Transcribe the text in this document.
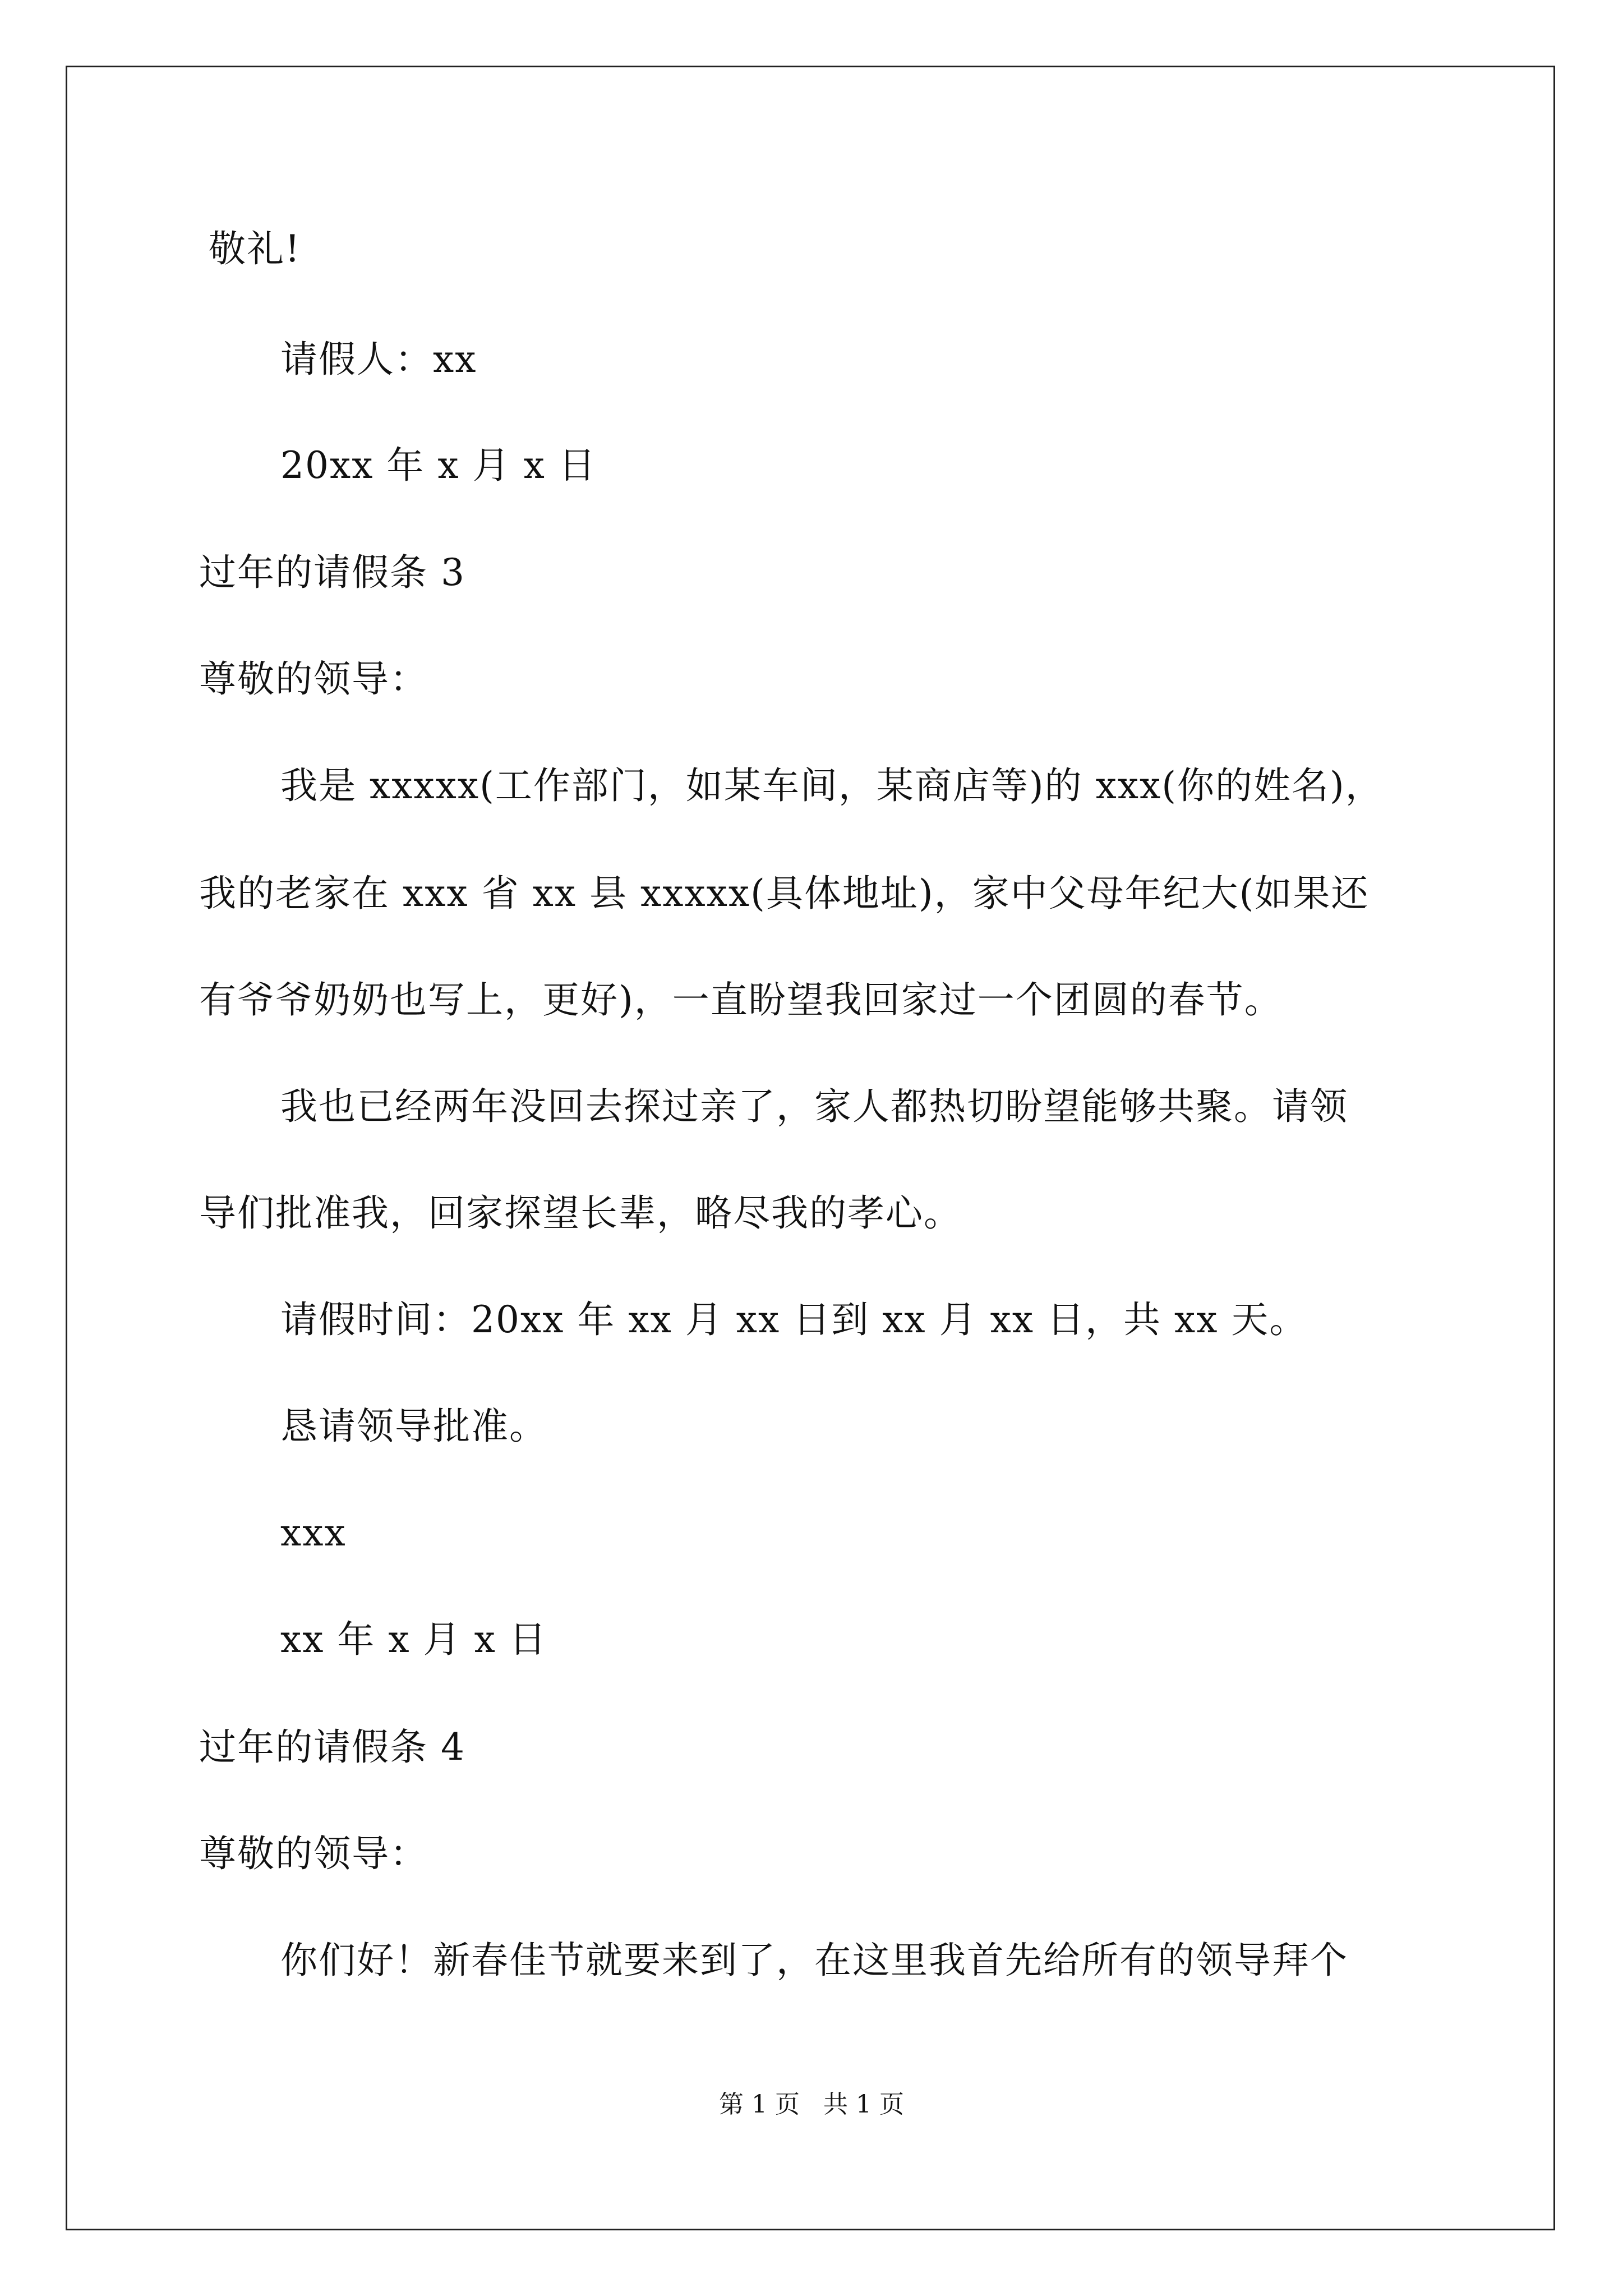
敬礼!
请假人：xx
20xx 年 x 月 x 日
过年的请假条 3
尊敬的领导：
我是 xxxxx(工作部门，如某车间，某商店等)的 xxx(你的姓名)，
我的老家在 xxx 省 xx 县 xxxxx(具体地址)，家中父母年纪大(如果还
有爷爷奶奶也写上，更好)，一直盼望我回家过一个团圆的春节。
我也已经两年没回去探过亲了，家人都热切盼望能够共聚。请领
导们批准我，回家探望长辈，略尽我的孝心。
请假时间：20xx 年 xx 月 xx 日到 xx 月 xx 日，共 xx 天。
恳请领导批准。
xxx
xx 年 x 月 x 日
过年的请假条 4
尊敬的领导：
你们好！新春佳节就要来到了，在这里我首先给所有的领导拜个
第 1 页   共 1 页
